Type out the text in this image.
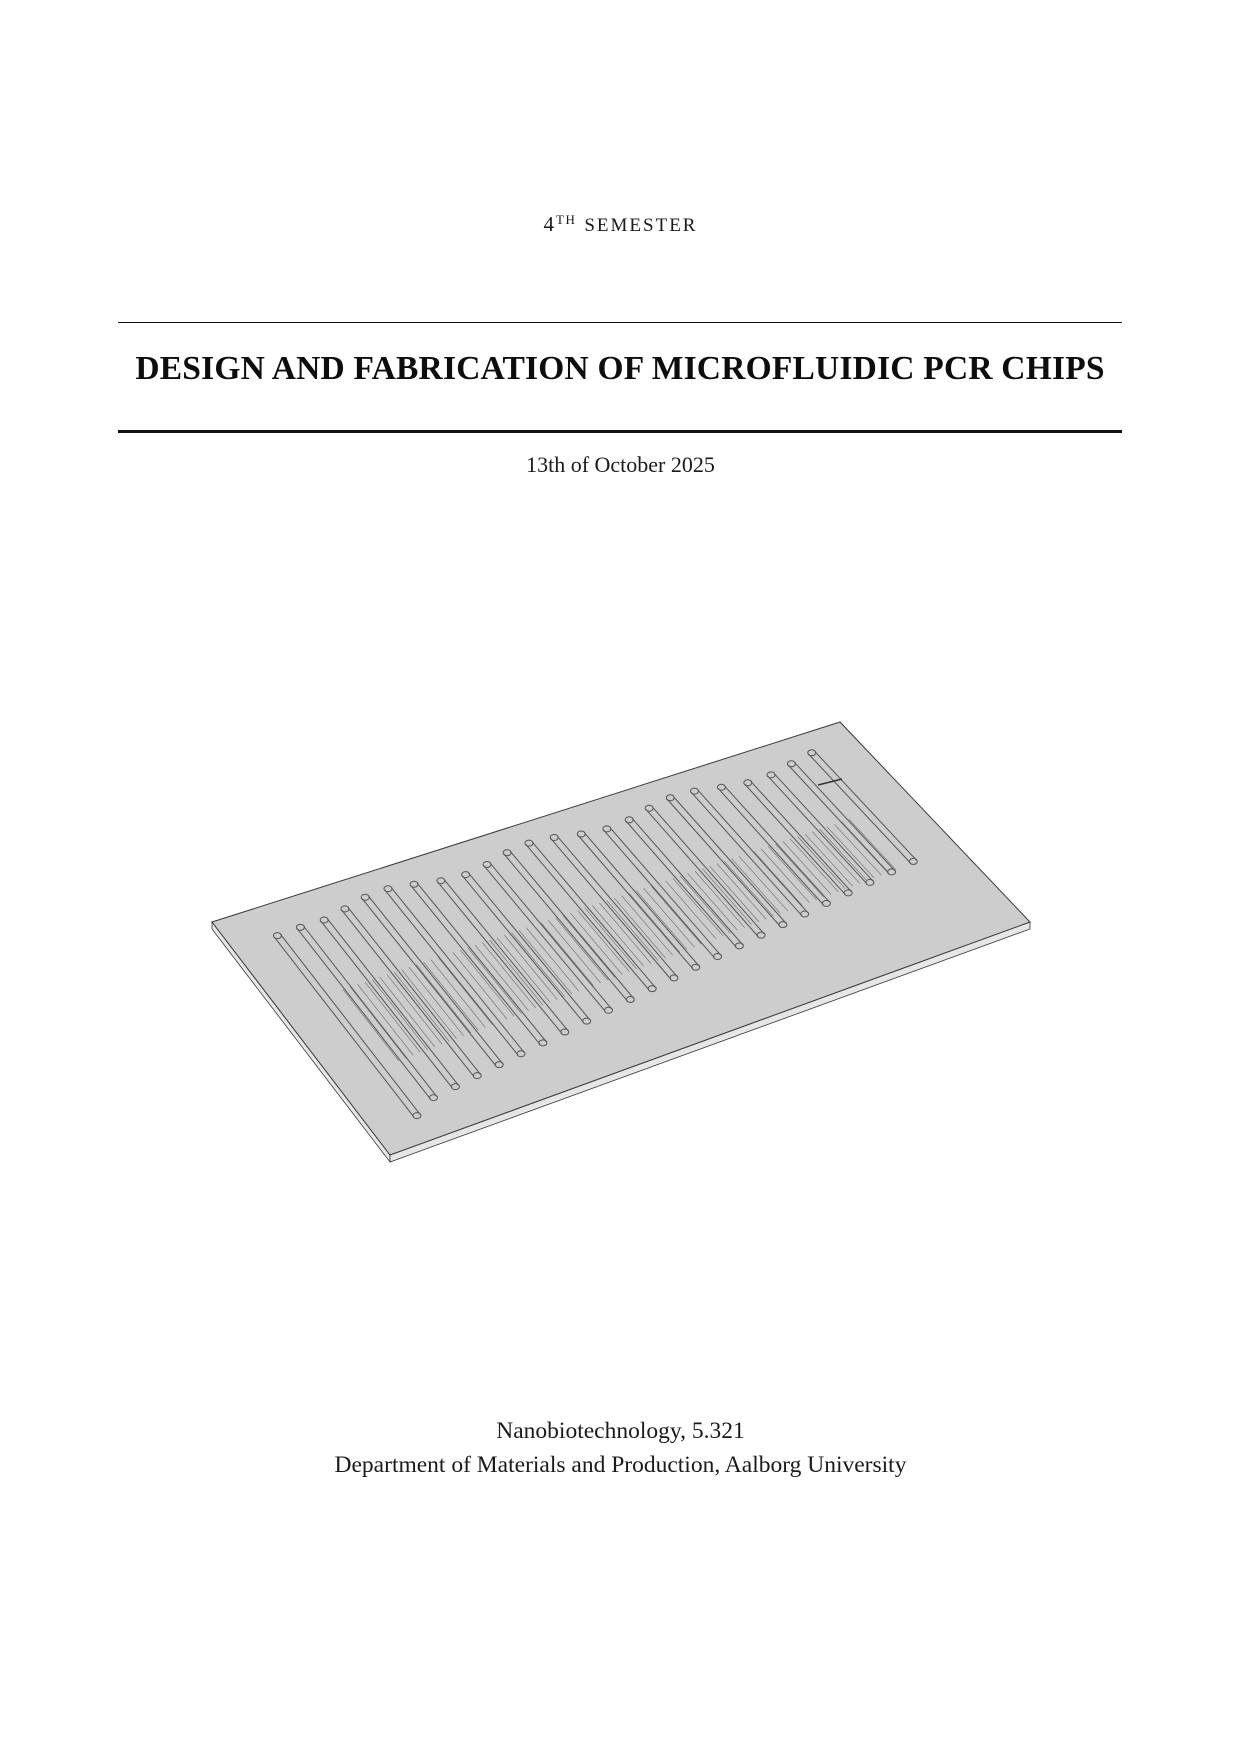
4TH SEMESTER
DESIGN AND FABRICATION OF MICROFLUIDIC PCR CHIPS
13th of October 2025
Nanobiotechnology, 5.321
Department of Materials and Production, Aalborg University
